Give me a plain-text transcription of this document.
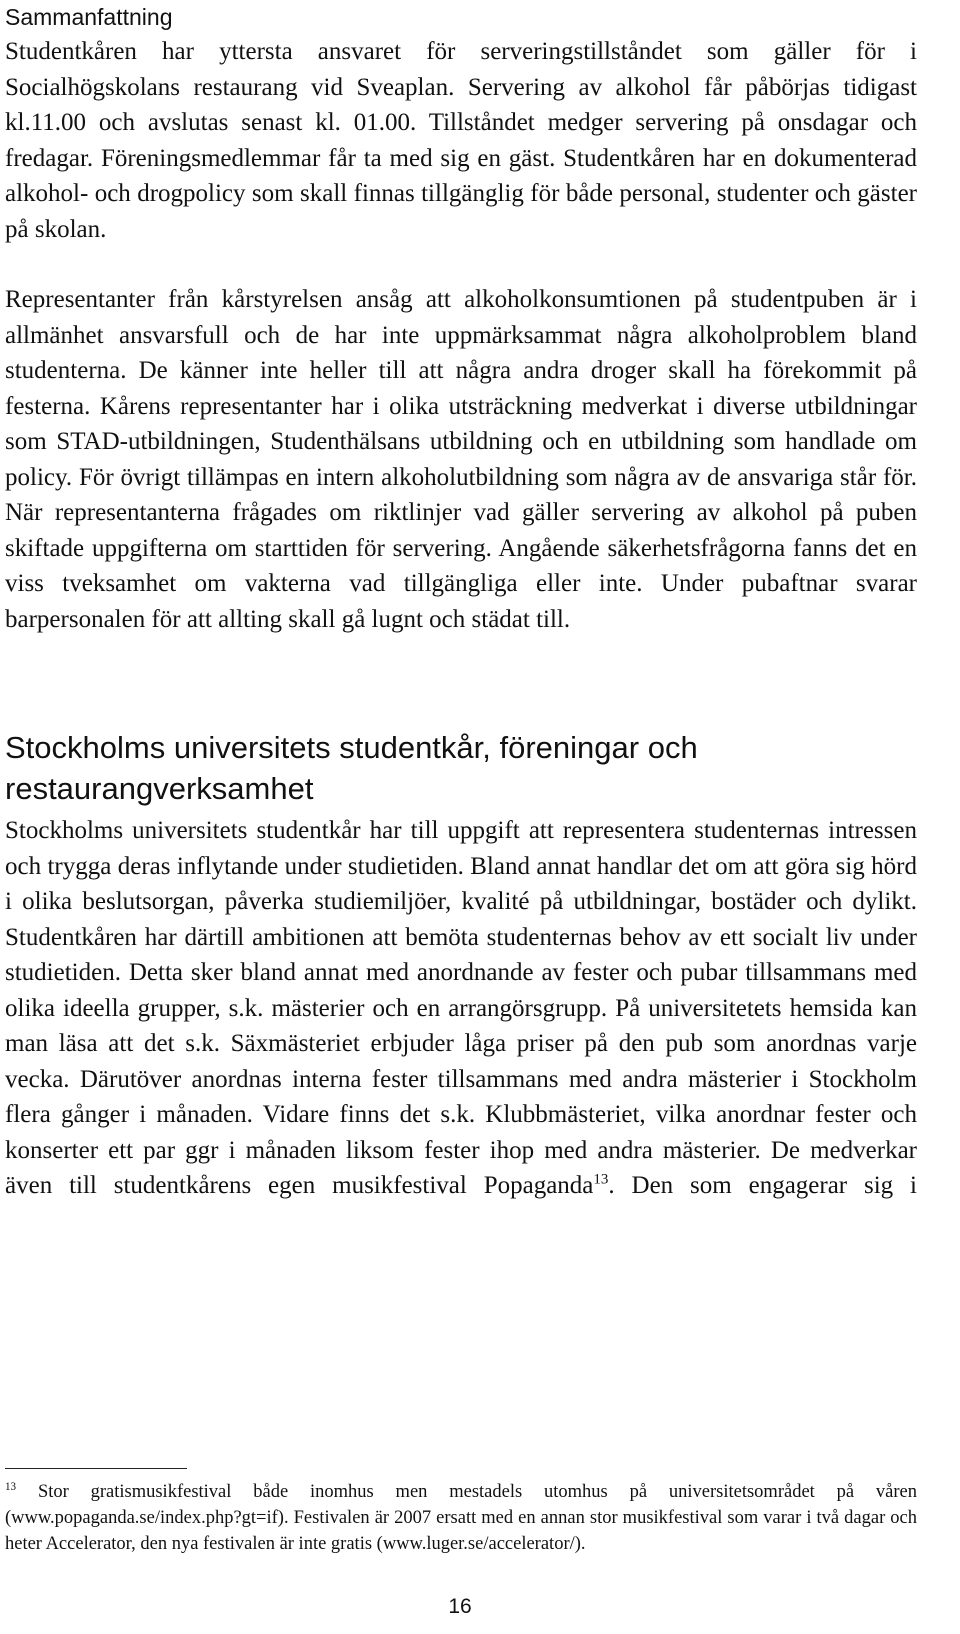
Sammanfattning

Studentkåren har yttersta ansvaret för serveringstillståndet som gäller för i Socialhögskolans restaurang vid Sveaplan. Servering av alkohol får påbörjas tidigast kl.11.00 och avslutas senast kl. 01.00. Tillståndet medger servering på onsdagar och fredagar. Föreningsmedlemmar får ta med sig en gäst. Studentkåren har en dokumenterad alkohol- och drogpolicy som skall finnas tillgänglig för både personal, studenter och gäster på skolan.

Representanter från kårstyrelsen ansåg att alkoholkonsumtionen på studentpuben är i allmänhet ansvarsfull och de har inte uppmärksammat några alkoholproblem bland studenterna. De känner inte heller till att några andra droger skall ha förekommit på festerna. Kårens representanter har i olika utsträckning medverkat i diverse utbildningar som STAD-utbildningen, Studenthälsans utbildning och en utbildning som handlade om policy. För övrigt tillämpas en intern alkoholutbildning som några av de ansvariga står för. När representanterna frågades om riktlinjer vad gäller servering av alkohol på puben skiftade uppgifterna om starttiden för servering. Angående säkerhetsfrågorna fanns det en viss tveksamhet om vakterna vad tillgängliga eller inte. Under pubaftnar svarar barpersonalen för att allting skall gå lugnt och städat till.

Stockholms universitets studentkår, föreningar och restaurangverksamhet

Stockholms universitets studentkår har till uppgift att representera studenternas intressen och trygga deras inflytande under studietiden. Bland annat handlar det om att göra sig hörd i olika beslutsorgan, påverka studiemiljöer, kvalité på utbildningar, bostäder och dylikt. Studentkåren har därtill ambitionen att bemöta studenternas behov av ett socialt liv under studietiden. Detta sker bland annat med anordnande av fester och pubar tillsammans med olika ideella grupper, s.k. mästerier och en arrangörsgrupp. På universitetets hemsida kan man läsa att det s.k. Säxmästeriet erbjuder låga priser på den pub som anordnas varje vecka. Därutöver anordnas interna fester tillsammans med andra mästerier i Stockholm flera gånger i månaden. Vidare finns det s.k. Klubbmästeriet, vilka anordnar fester och konserter ett par ggr i månaden liksom fester ihop med andra mästerier. De medverkar även till studentkårens egen musikfestival Popaganda$^{13}$. Den som engagerar sig i

$^{13}$ Stor gratismusikfestival både inomhus men mestadels utomhus på universitetsområdet på våren (www.popaganda.se/index.php?gt=if). Festivalen är 2007 ersatt med en annan stor musikfestival som varar i två dagar och heter Accelerator, den nya festivalen är inte gratis (www.luger.se/accelerator/).

16
